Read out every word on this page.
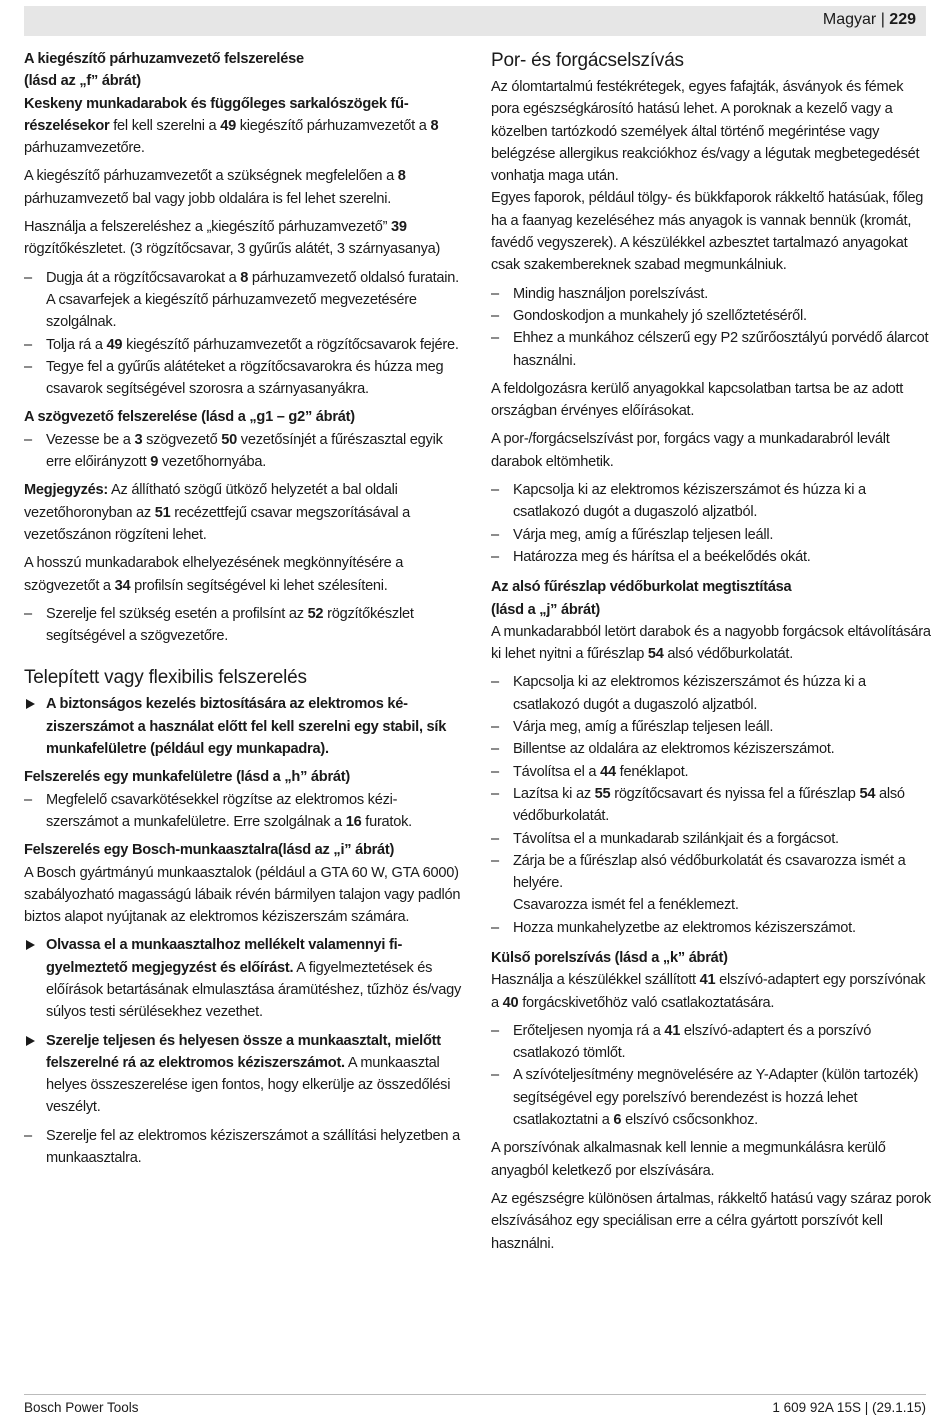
Magyar | 229
A kiegészítő párhuzamvezető felszerelése
(lásd az „f” ábrát)

Keskeny munkadarabok és függőleges sarkalószögek fűrészelésekor fel kell szerelni a 49 kiegészítő párhuzamvezetőt a 8 párhuzamvezetőre.

A kiegészítő párhuzamvezetőt a szükségnek megfelelően a 8 párhuzamvezető bal vagy jobb oldalára is fel lehet szerelni.

Használja a felszereléshez a „kiegészítő párhuzamvezető” 39 rögzítőkészletet. (3 rögzítőcsavar, 3 gyűrűs alátét, 3 szárnyasanya)

– Dugja át a rögzítőcsavarokat a 8 párhuzamvezető oldalsó furatain.
A csavarfejek a kiegészítő párhuzamvezető megvezetésére szolgálnak.
– Tolja rá a 49 kiegészítő párhuzamvezetőt a rögzítőcsavarok fejére.
– Tegye fel a gyűrűs alátéteket a rögzítőcsavarokra és húzza meg csavarok segítségével szorosra a szárnyasanyákra.
A szögvezető felszerelése (lásd a „g1 – g2” ábrát)
– Vezesse be a 3 szögvezető 50 vezetősínjét a fűrészasztal egyik erre előirányzott 9 vezetőhornyába.

Megjegyzés: Az állítható szögű ütköző helyzetét a bal oldali vezetőhoronyban az 51 recézettfejű csavar megszorításával a vezetőszánon rögzíteni lehet.

A hosszú munkadarabok elhelyezésének megkönnyítésére a szögvezetőt a 34 profilsín segítségével ki lehet szélesíteni.

– Szerelje fel szükség esetén a profilsínt az 52 rögzítőkészlet segítségével a szögvezetőre.
Telepített vagy flexibilis felszerelés
A biztonságos kezelés biztosítására az elektromos kéziszerszámot a használat előtt fel kell szerelni egy stabil, sík munkafelületre (például egy munkapadra).
Felszerelés egy munkafelületre (lásd a „h” ábrát)
– Megfelelő csavarkötésekkel rögzítse az elektromos kéziszerszámot a munkafelületre. Erre szolgálnak a 16 furatok.
Felszerelés egy Bosch-munkaasztalra(lásd az „i” ábrát)

A Bosch gyártmányú munkaasztalok (például a GTA 60 W, GTA 6000) szabályozható magasságú lábaik révén bármilyen talajon vagy padlón biztos alapot nyújtanak az elektromos kéziszerszám számára.

Olvassa el a munkaasztalhoz mellékelt valamennyi figyelmeztető megjegyzést és előírást. A figyelmeztetések és előírások betartásának elmulasztása áramütéshez, tűzhöz és/vagy súlyos testi sérülésekhez vezethet.
Szerelje teljesen és helyesen össze a munkaasztalt, mielőtt felszerelné rá az elektromos kéziszerszámot. A munkaasztal helyes összeszerelése igen fontos, hogy elkerülje az összedőlési veszélyt.
– Szerelje fel az elektromos kéziszerszámot a szállítási helyzetben a munkaasztalra.
Por- és forgácselszívás

Az ólomtartalmú festékrétegek, egyes fafajták, ásványok és fémek pora egészségkárosító hatású lehet. A poroknak a kezelő vagy a közelben tartózkodó személyek által történő megérintése vagy belégzése allergikus reakciókhoz és/vagy a légutak megbetegedését vonhatja maga után.

Egyes faporok, például tölgy- és bükkfaporok rákkeltő hatásúak, főleg ha a faanyag kezeléséhez más anyagok is vannak bennük (kromát, favédő vegyszerek). A készülékkel azbesztet tartalmazó anyagokat csak szakembereknek szabad megmunkálniuk.

– Mindig használjon porelszívást.
– Gondoskodjon a munkahely jó szellőztetéséről.
– Ehhez a munkához célszerű egy P2 szűrőosztályú porvédő álarcot használni.

A feldolgozásra kerülő anyagokkal kapcsolatban tartsa be az adott országban érvényes előírásokat.

A por-/forgácselszívást por, forgács vagy a munkadarabról levált darabok eltömhetik.

– Kapcsolja ki az elektromos kéziszerszámot és húzza ki a csatlakozó dugót a dugaszoló aljzatból.
– Várja meg, amíg a fűrészlap teljesen leáll.
– Határozza meg és hárítsa el a beékelődés okát.
Az alsó fűrészlap védőburkolat megtisztítása
(lásd a „j” ábrát)

A munkadarabból letört darabok és a nagyobb forgácsok eltávolítására ki lehet nyitni a fűrészlap 54 alsó védőburkolatát.

– Kapcsolja ki az elektromos kéziszerszámot és húzza ki a csatlakozó dugót a dugaszoló aljzatból.
– Várja meg, amíg a fűrészlap teljesen leáll.
– Billentse az oldalára az elektromos kéziszerszámot.
– Távolítsa el a 44 fenéklapot.
– Lazítsa ki az 55 rögzítőcsavart és nyissa fel a fűrészlap 54 alsó védőburkolatát.
– Távolítsa el a munkadarab szilánkjait és a forgácsot.
– Zárja be a fűrészlap alsó védőburkolatát és csavarozza ismét a helyére.
Csavarozza ismét fel a fenéklemezt.
– Hozza munkahelyzetbe az elektromos kéziszerszámot.
Külső porelszívás (lásd a „k” ábrát)

Használja a készülékkel szállított 41 elszívó-adaptert egy porszívónak a 40 forgácskivetőhöz való csatlakoztatására.

– Erőteljesen nyomja rá a 41 elszívó-adaptert és a porszívó csatlakozó tömlőt.
– A szívóteljesítmény megnövelésére az Y-Adapter (külön tartozék) segítségével egy porelszívó berendezést is hozzá lehet csatlakoztatni a 6 elszívó csőcsonkhoz.

A porszívónak alkalmasnak kell lennie a megmunkálásra kerülő anyagból keletkező por elszívására.

Az egészségre különösen ártalmas, rákkeltő hatású vagy száraz porok elszívásához egy speciálisan erre a célra gyártott porszívót kell használni.

Bosch Power Tools	1 609 92A 15S | (29.1.15)
